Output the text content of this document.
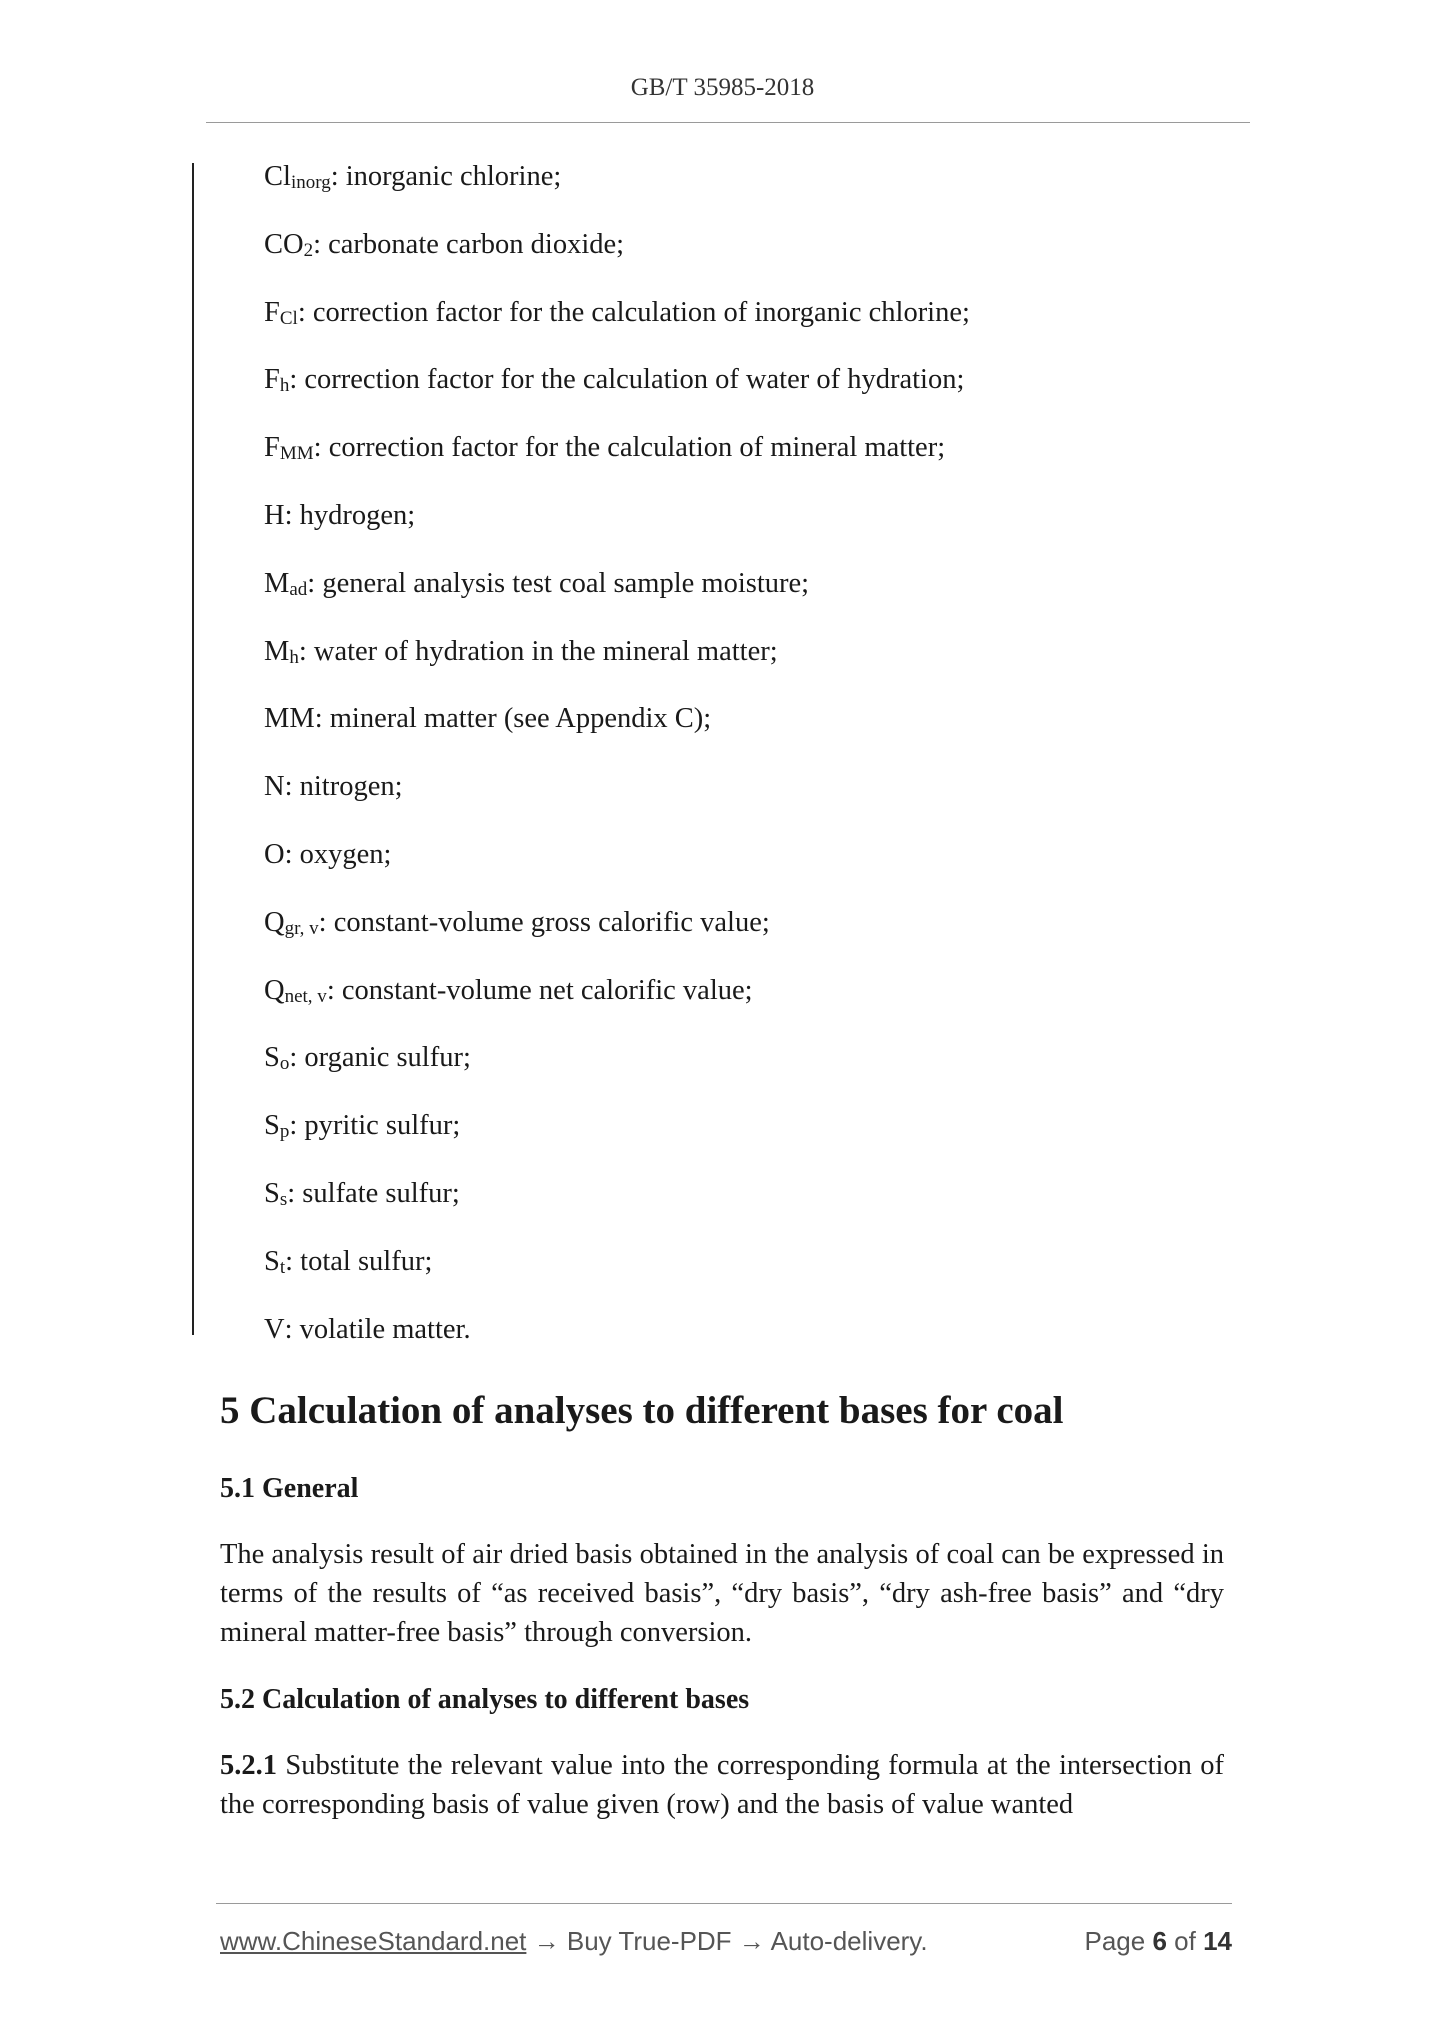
GB/T 35985-2018
$Cl_{inorg}$: inorganic chlorine;
$CO_2$: carbonate carbon dioxide;
$F_{Cl}$: correction factor for the calculation of inorganic chlorine;
$F_h$: correction factor for the calculation of water of hydration;
$F_{MM}$: correction factor for the calculation of mineral matter;
H: hydrogen;
$M_{ad}$: general analysis test coal sample moisture;
$M_h$: water of hydration in the mineral matter;
MM: mineral matter (see Appendix C);
N: nitrogen;
O: oxygen;
$Q_{gr, v}$: constant-volume gross calorific value;
$Q_{net, v}$: constant-volume net calorific value;
$S_o$: organic sulfur;
$S_p$: pyritic sulfur;
$S_s$: sulfate sulfur;
$S_t$: total sulfur;
V: volatile matter.
5 Calculation of analyses to different bases for coal
5.1 General

The analysis result of air dried basis obtained in the analysis of coal can be expressed in terms of the results of “as received basis”, “dry basis”, “dry ash-free basis” and “dry mineral matter-free basis” through conversion.

5.2 Calculation of analyses to different bases

5.2.1 Substitute the relevant value into the corresponding formula at the intersection of the corresponding basis of value given (row) and the basis of value wanted

www.ChineseStandard.net → Buy True-PDF → Auto-delivery.	Page 6 of 14
